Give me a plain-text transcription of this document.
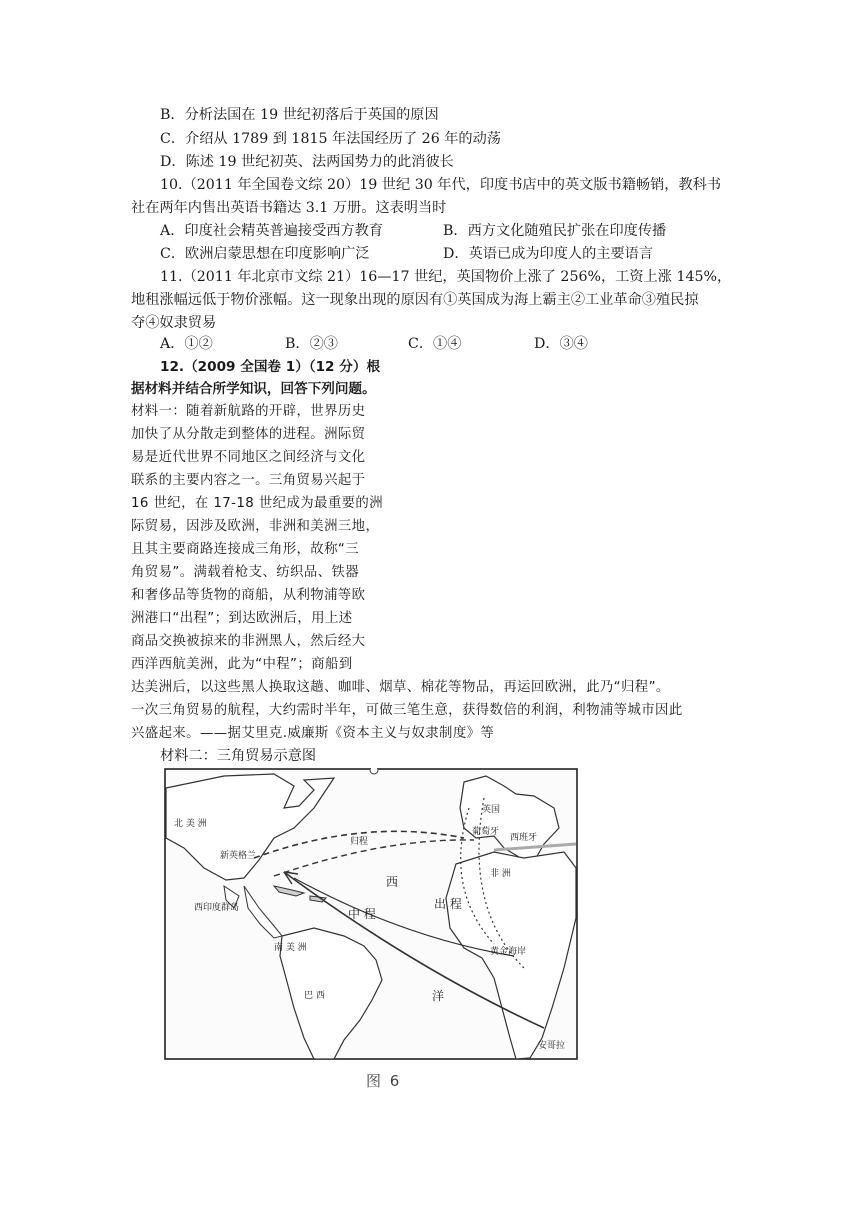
B．分析法国在 19 世纪初落后于英国的原因
C．介绍从 1789 到 1815 年法国经历了 26 年的动荡
D．陈述 19 世纪初英、法两国势力的此消彼长
10.（2011 年全国卷文综 20）19 世纪 30 年代，印度书店中的英文版书籍畅销，教科书
社在两年内售出英语书籍达 3.1 万册。这表明当时
A．印度社会精英普遍接受西方教育	B．西方文化随殖民扩张在印度传播
C．欧洲启蒙思想在印度影响广泛	D．英语已成为印度人的主要语言
11.（2011 年北京市文综 21）16—17 世纪，英国物价上涨了 256%，工资上涨 145%，
地租涨幅远低于物价涨幅。这一现象出现的原因有①英国成为海上霸主②工业革命③殖民掠
夺④奴隶贸易
A．①②	B．②③	C．①④	D．③④
12.（2009 全国卷 1）（12 分）根
据材料并结合所学知识，回答下列问题。
材料一：随着新航路的开辟，世界历史
加快了从分散走到整体的进程。洲际贸
易是近代世界不同地区之间经济与文化
联系的主要内容之一。三角贸易兴起于
16 世纪，在 17-18 世纪成为最重要的洲
际贸易，因涉及欧洲，非洲和美洲三地，
且其主要商路连接成三角形，故称“三
角贸易”。满载着枪支、纺织品、铁器
和奢侈品等货物的商船，从利物浦等欧
洲港口“出程”；到达欧洲后，用上述
商品交换被掠来的非洲黑人，然后经大
西洋西航美洲，此为“中程”；商船到
达美洲后，以这些黑人换取这趟、咖啡、烟草、棉花等物品，再运回欧洲，此乃“归程”。
一次三角贸易的航程，大约需时半年，可做三笔生意，获得数倍的利润，利物浦等城市因此
兴盛起来。——据艾里克.威廉斯《资本主义与奴隶制度》等
材料二：三角贸易示意图
北 美 洲
归程
新英格兰
西印度群岛	中 程
西
出 程
英国
葡萄牙
西班牙
非 洲
黄金海岸
南 美 洲
巴 西	洋
安哥拉
图 6
